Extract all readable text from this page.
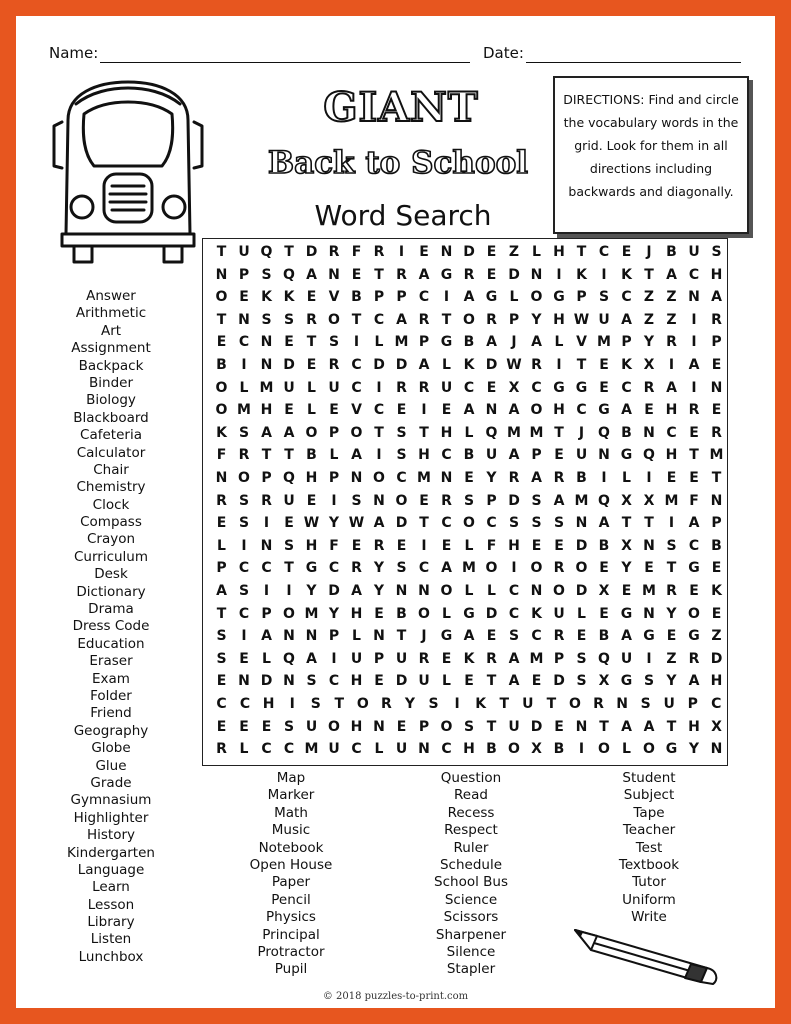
Name:	Date:
GIANT
Back to School
Word Search
DIRECTIONS: Find and circle the vocabulary words in the grid. Look for them in all directions including backwards and diagonally.
T U Q T D R F R	I	E N D E Z L H T C E	J	B U S
N P S Q A N E T R A G R E D N	I	K	I	K T A C H
O E K K E V B P P C	I	A G L O G P S C Z Z N A
T N S S R O T C A R T O R P Y H W U A Z Z	I	R
E C N E T S	I	L M P G B A	J	A L V M P Y R	I	P
B	I	N D E R C D D A L K D W R	I	T E K X	I	A E
O L M U L U C	I	R R U C E X C G G E C R A	I	N
O M H E L E V C E	I	E A N A O H C G A E H R E
K S A A O P O T S T H L Q M M T	J Q B N C E R
F R T T B L A	I	S H C B U A P E U N G Q H T M
N O P Q H P N O C M N E Y R A R B	I	L	I	E E T
R S R U E	I	S N O E R S P D S A M Q X X M F N
E S	I	E W Y W A D T C O C S S S N A T T	I	A P
L	I	N S H F E R E	I	E L F H E E D B X N S C B
P C C T G C R Y S C A M O I O R O E Y E T G E
A S	I	I	Y D A Y N N O L L C N O D X E M R E K
T C P O M Y H E B O L G D C K U L E G N Y O E
S	I	A N N P L N T	J	G A E S C R E B A G E G Z
S E L Q A	I	U P U R E K R A M P S Q U	I	Z R D
E N D N S C H E D U L E T A E D S X G S Y A H
C C H	I	S T O R Y S	I	K T U T O R N S U P C
E E E S U O H N E P O S T U D E N T A A T H X
R L C C M U C L U N C H B O X B	I O L O G Y N
Answer
Arithmetic
Art
Assignment
Backpack
Binder
Biology
Blackboard
Cafeteria
Calculator
Chair
Chemistry
Clock
Compass
Crayon
Curriculum
Desk
Dictionary
Drama
Dress Code
Education
Eraser
Exam
Folder
Friend
Geography
Globe
Glue
Grade
Gymnasium
Highlighter
History
Kindergarten
Language
Learn
Lesson
Library
Listen
Lunchbox
Map
Marker
Math
Music
Notebook
Open House
Paper
Pencil
Physics
Principal
Protractor
Pupil
Question
Read
Recess
Respect
Ruler
Schedule
School Bus
Science
Scissors
Sharpener
Silence
Stapler
Student
Subject
Tape
Teacher
Test
Textbook
Tutor
Uniform
Write
© 2018 puzzles-to-print.com
